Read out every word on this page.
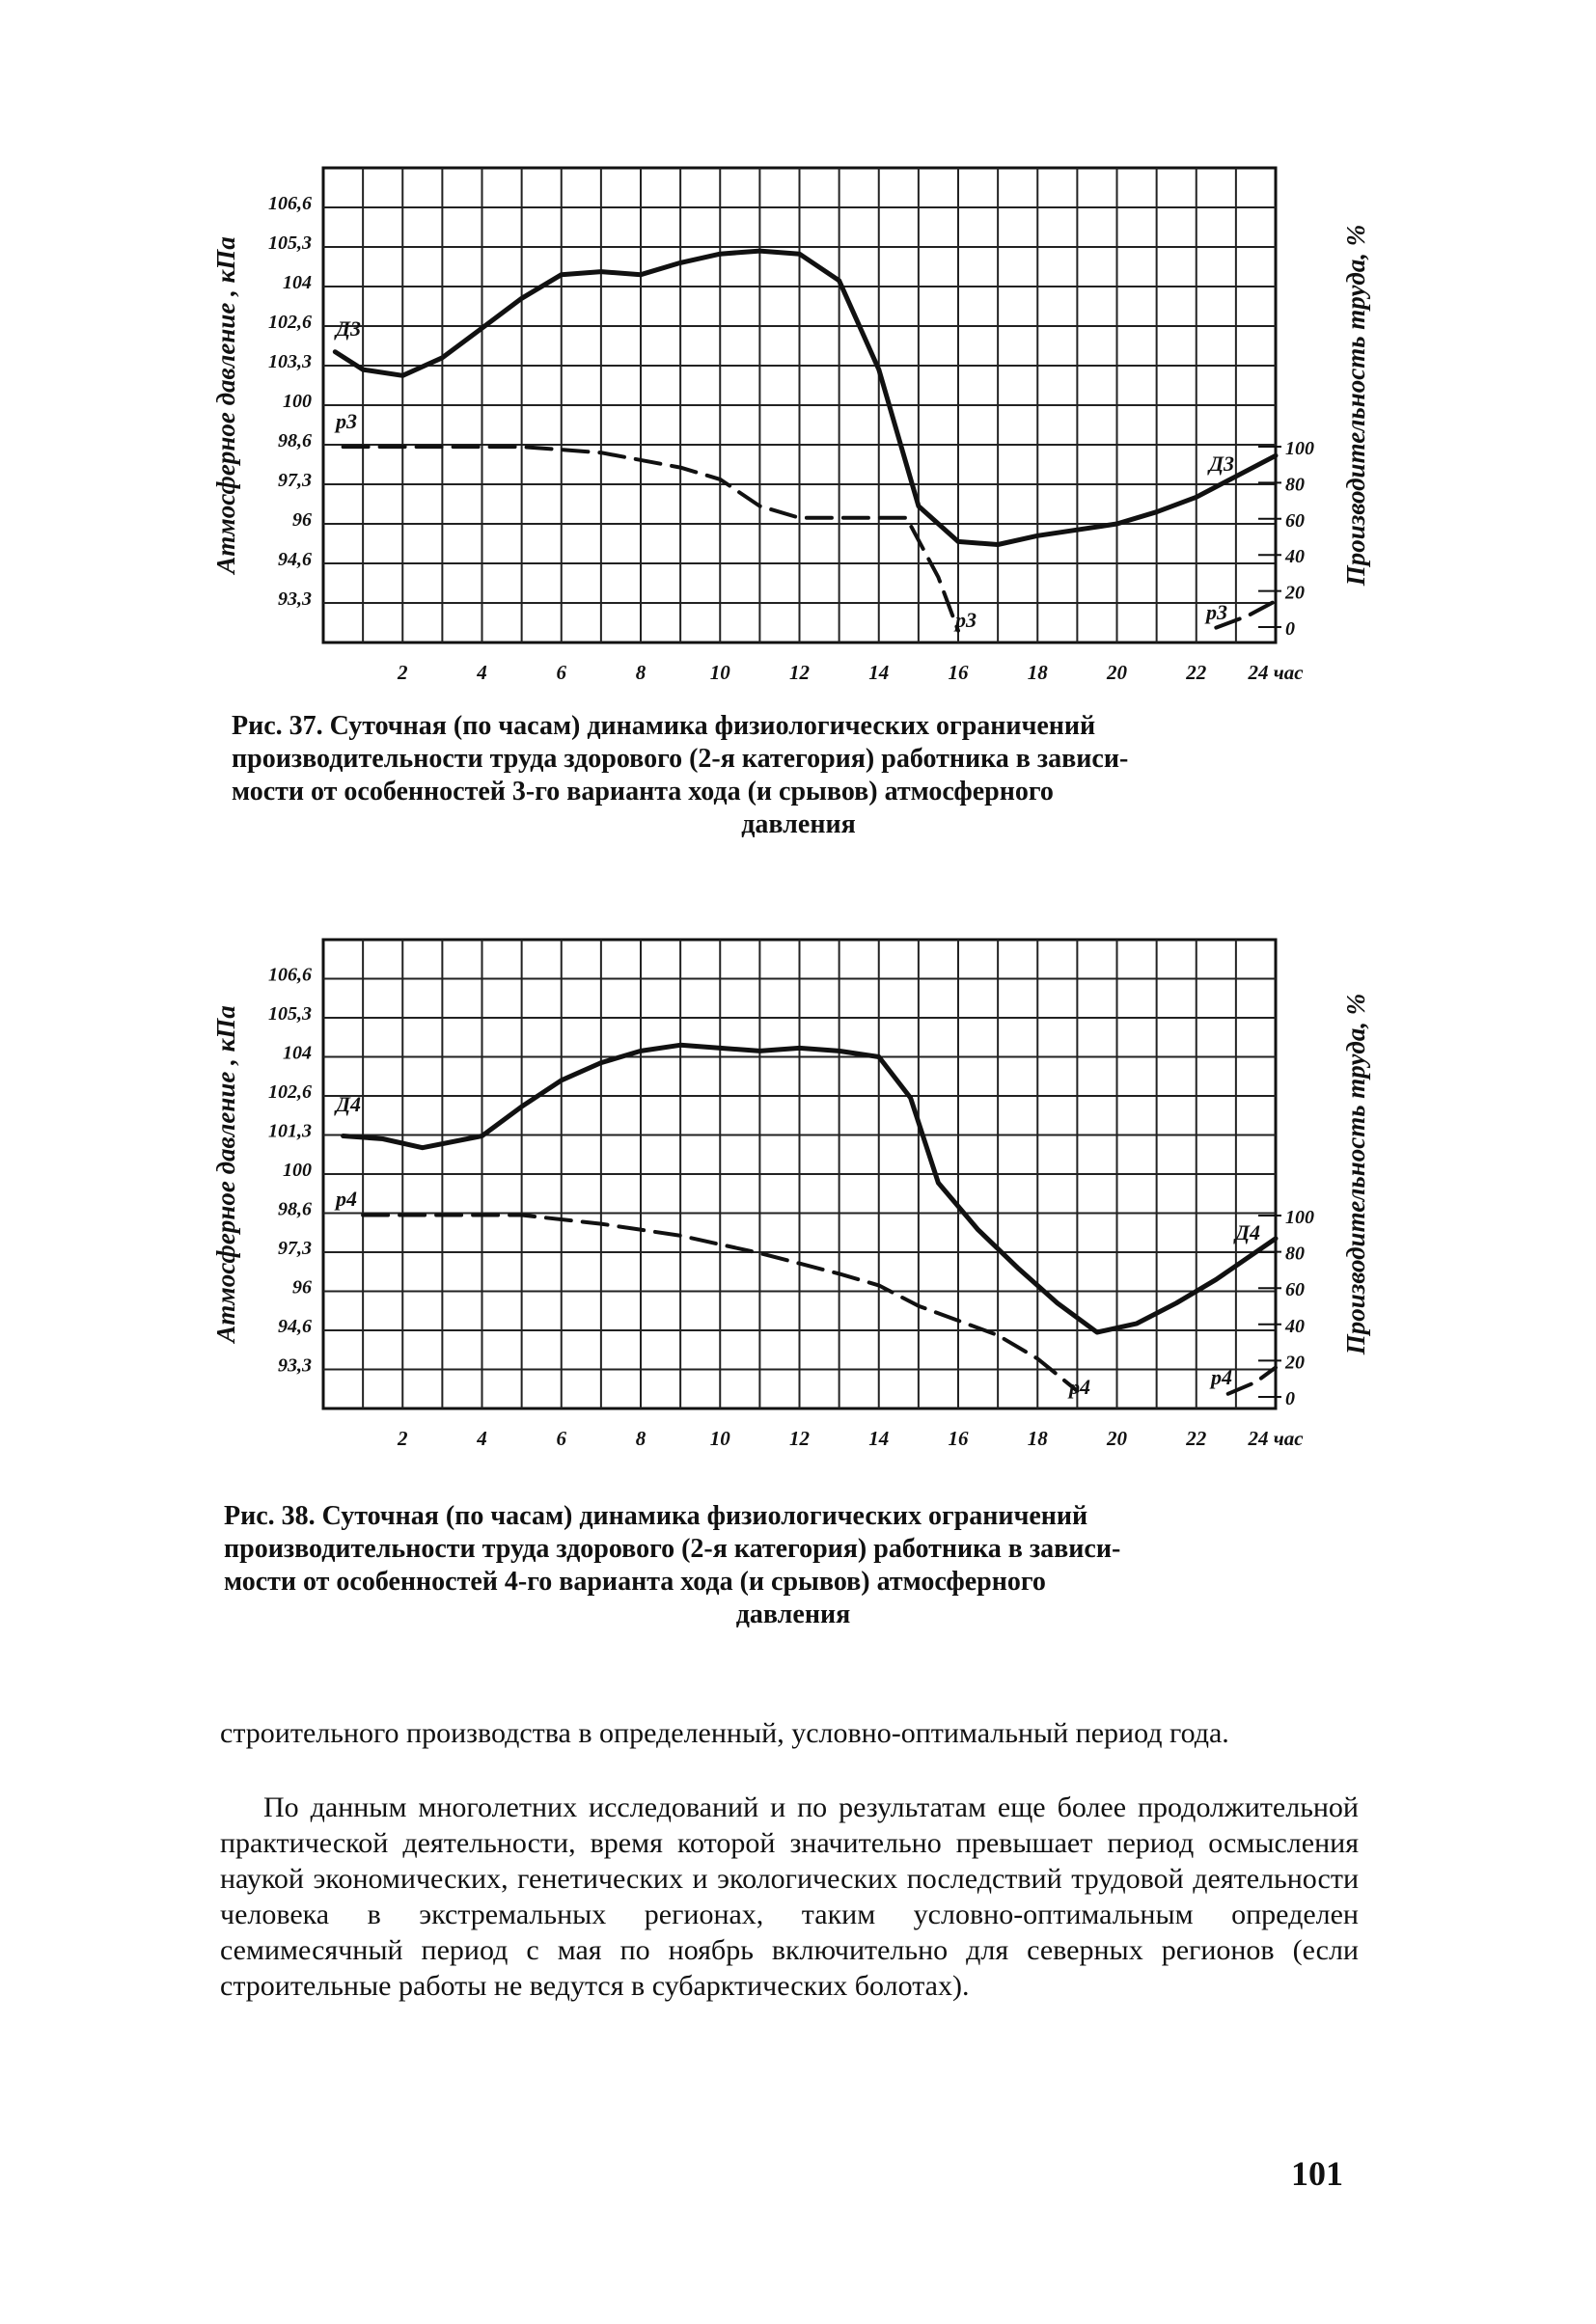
106,6
105,3
104
102,6
103,3
100
98,6
97,3
96
94,6
93,3
100
80
60
40
20
0
2	4	6	8	10	12	14	16	18	20	22 24 час
Атмосферное давление , кПа	Производительность труда, %
Д3
p3
Д3
p3	p3
Рис. 37. Суточная (по часам) динамика физиологических ограничений
производительности труда здорового (2-я категория) работника в зависи-
мости от особенностей 3-го варианта хода (и срывов) атмосферного
давления
106,6
105,3
104
102,6
101,3
100
98,6
97,3
96
94,6
93,3
100
80
60
40
20
0
2	4	6	8	10	12	14	16	18	20	22 24 час
Атмосферное давление , кПа	Производительность труда, %
Д4
p4
Д4
p4	p4
Рис. 38. Суточная (по часам) динамика физиологических ограничений
производительности труда здорового (2-я категория) работника в зависи-
мости от особенностей 4-го варианта хода (и срывов) атмосферного
давления
строительного производства в определенный, условно-оптимальный период года.
По данным многолетних исследований и по результатам еще более продолжительной практической деятельности, время которой значительно превышает период осмысления наукой экономических, генетических и экологических последствий трудовой деятельности человека в экстремальных регионах, таким условно-оптимальным определен семимесячный период с мая по ноябрь включительно для северных регионов (если строительные работы не ведутся в субарктических болотах).
101
